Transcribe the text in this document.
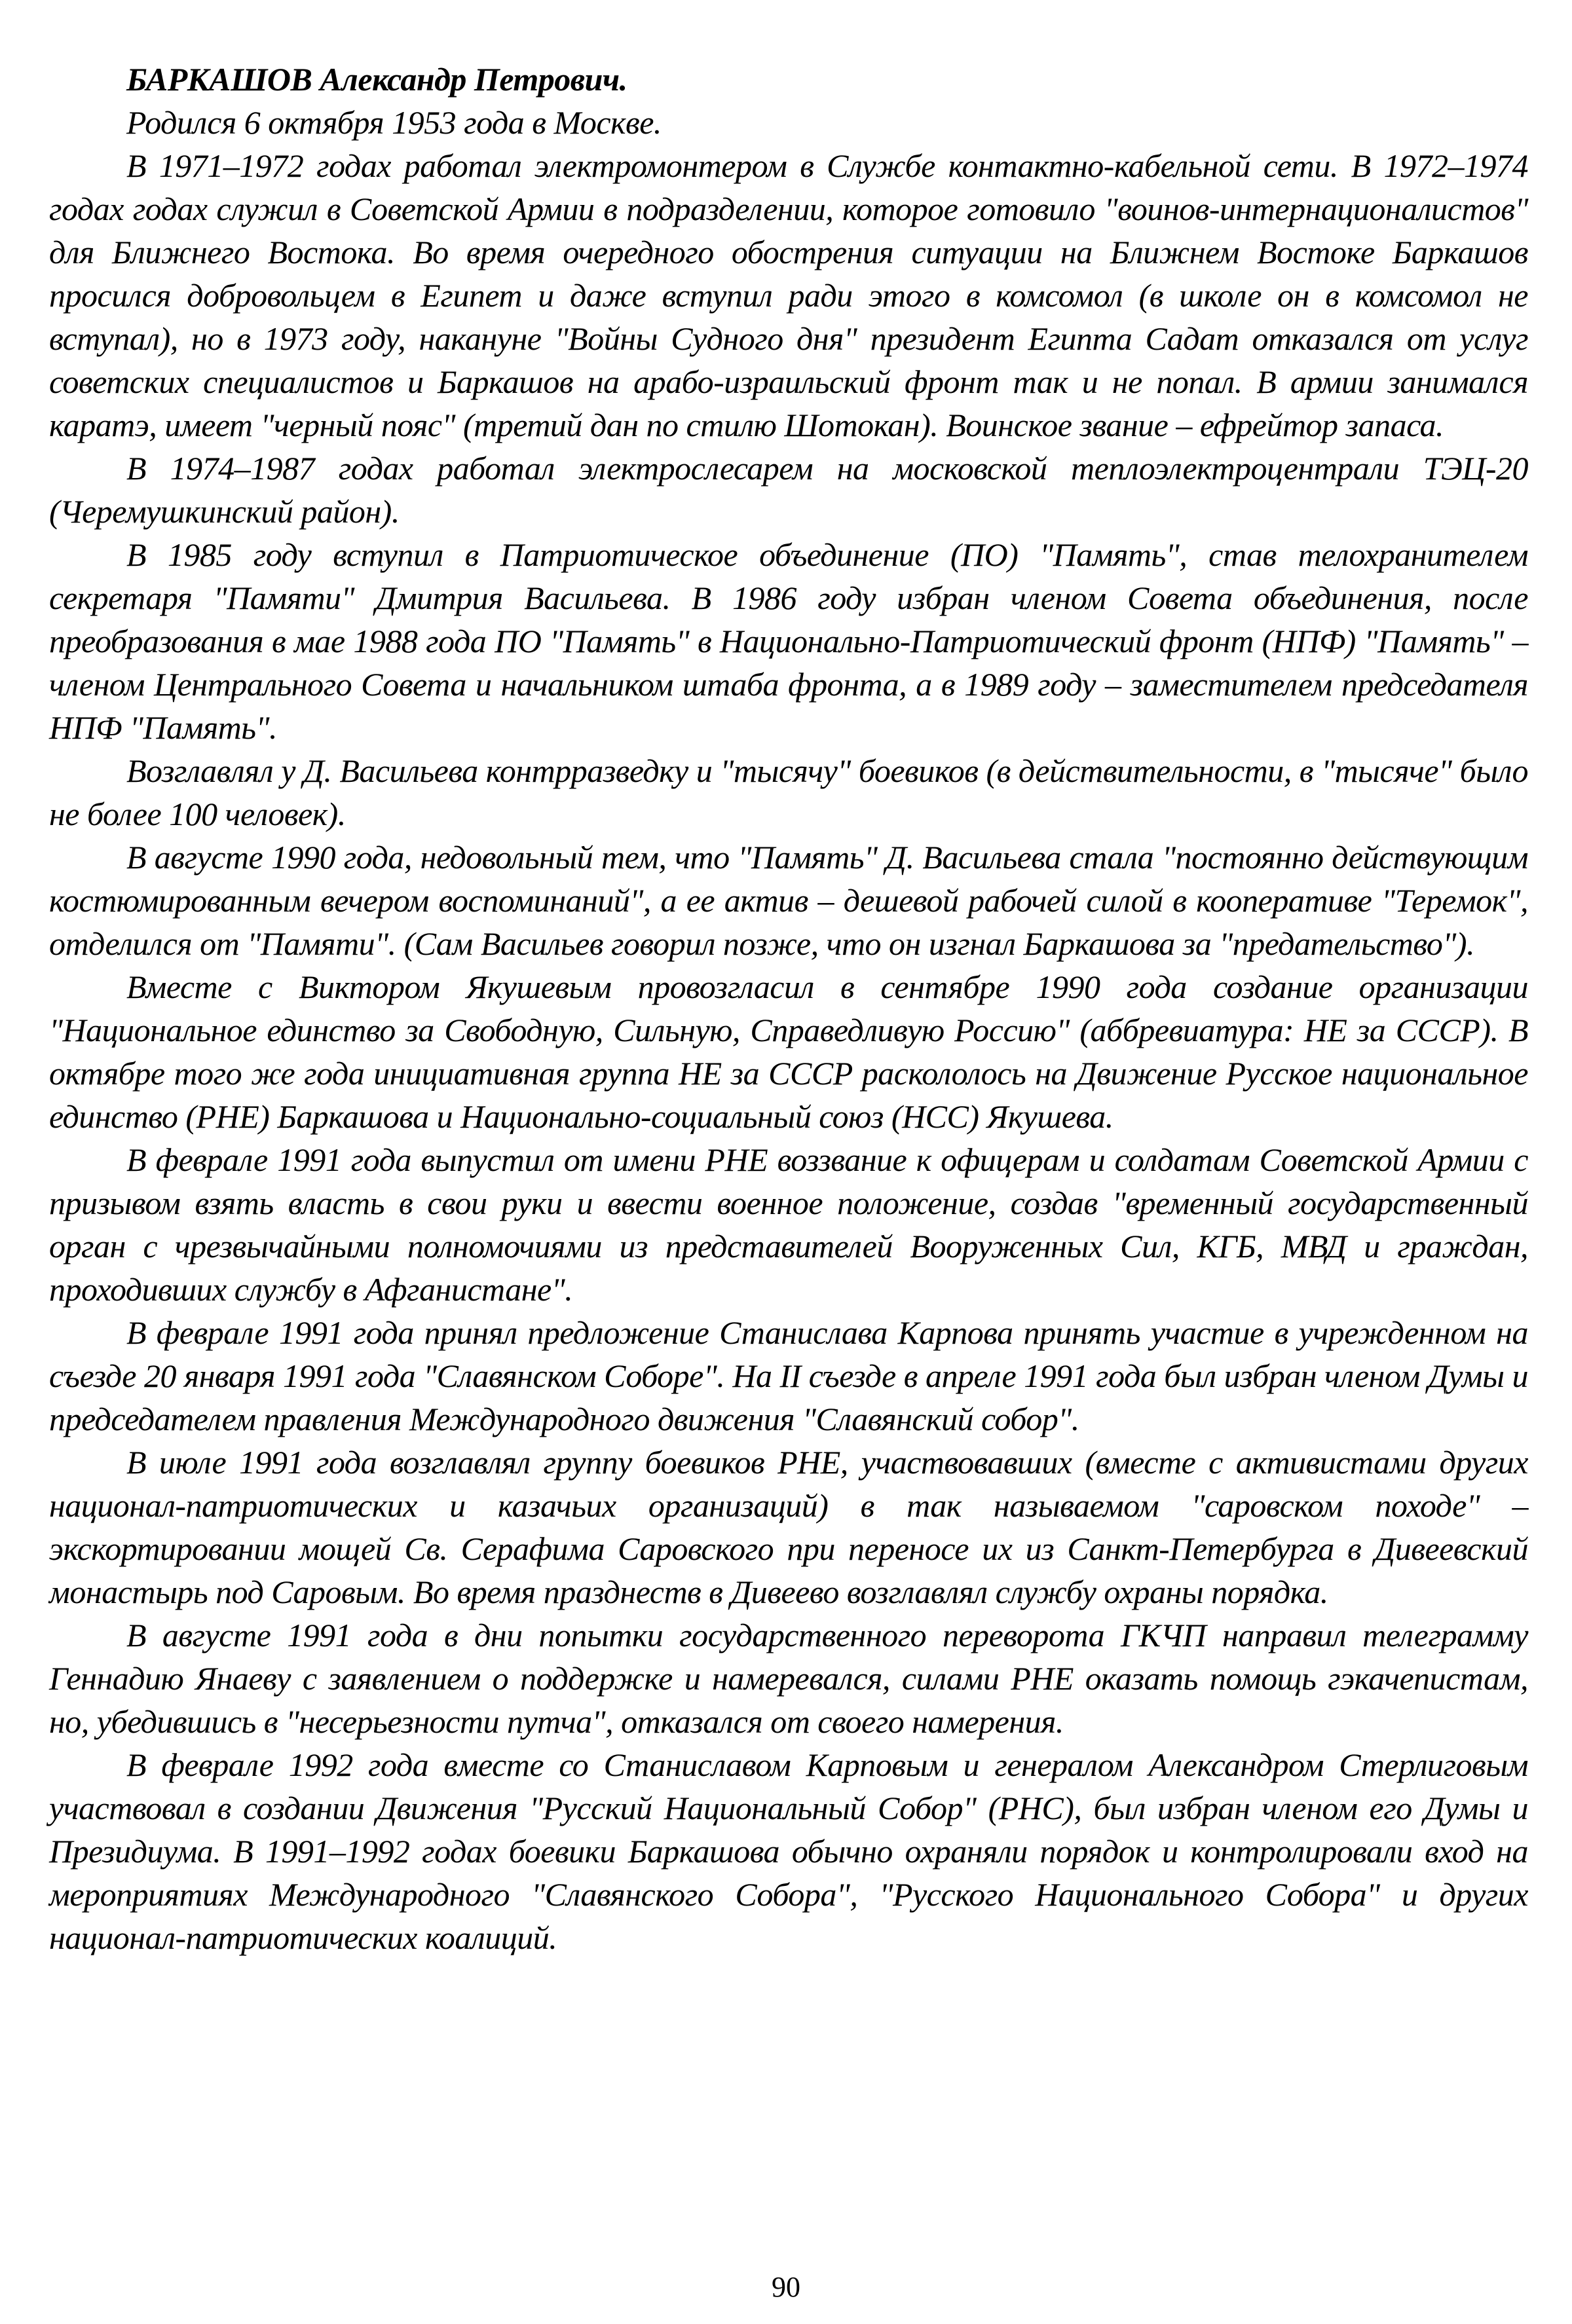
БАРКАШОВ Александр Петрович.

Родился 6 октября 1953 года в Москве.

В 1971–1972 годах работал электромонтером в Службе контактно-кабельной сети. В 1972–1974 годах годах служил в Советской Армии в подразделении, которое готовило "воинов-интернационалистов" для Ближнего Востока. Во время очередного обострения ситуации на Ближнем Востоке Баркашов просился добровольцем в Египет и даже вступил ради этого в комсомол (в школе он в комсомол не вступал), но в 1973 году, накануне "Войны Судного дня" президент Египта Садат отказался от услуг советских специалистов и Баркашов на арабо-израильский фронт так и не попал. В армии занимался каратэ, имеет "черный пояс" (третий дан по стилю Шотокан). Воинское звание – ефрейтор запаса.

В 1974–1987 годах работал электрослесарем на московской теплоэлектроцентрали ТЭЦ-20 (Черемушкинский район).

В 1985 году вступил в Патриотическое объединение (ПО) "Память", став телохранителем секретаря "Памяти" Дмитрия Васильева. В 1986 году избран членом Совета объединения, после преобразования в мае 1988 года ПО "Память" в Национально-Патриотический фронт (НПФ) "Память" – членом Центрального Совета и начальником штаба фронта, а в 1989 году – заместителем председателя НПФ "Память".

Возглавлял у Д. Васильева контрразведку и "тысячу" боевиков (в действительности, в "тысяче" было не более 100 человек).

В августе 1990 года, недовольный тем, что "Память" Д. Васильева стала "постоянно действующим костюмированным вечером воспоминаний", а ее актив – дешевой рабочей силой в кооперативе "Теремок", отделился от "Памяти". (Сам Васильев говорил позже, что он изгнал Баркашова за "предательство").

Вместе с Виктором Якушевым провозгласил в сентябре 1990 года создание организации "Национальное единство за Свободную, Сильную, Справедливую Россию" (аббревиатура: НЕ за СССР). В октябре того же года инициативная группа НЕ за СССР раскололось на Движение Русское национальное единство (РНЕ) Баркашова и Национально-социальный союз (НСС) Якушева.

В феврале 1991 года выпустил от имени РНЕ воззвание к офицерам и солдатам Советской Армии с призывом взять власть в свои руки и ввести военное положение, создав "временный государственный орган с чрезвычайными полномочиями из представителей Вооруженных Сил, КГБ, МВД и граждан, проходивших службу в Афганистане".

В феврале 1991 года принял предложение Станислава Карпова принять участие в учрежденном на съезде 20 января 1991 года "Славянском Соборе". На II съезде в апреле 1991 года был избран членом Думы и председателем правления Международного движения "Славянский собор".

В июле 1991 года возглавлял группу боевиков РНЕ, участвовавших (вместе с активистами других национал-патриотических и казачьих организаций) в так называемом "саровском походе" – экскортировании мощей Св. Серафима Саровского при переносе их из Санкт-Петербурга в Дивеевский монастырь под Саровым. Во время празднеств в Дивеево возглавлял службу охраны порядка.

В августе 1991 года в дни попытки государственного переворота ГКЧП направил телеграмму Геннадию Янаеву с заявлением о поддержке и намеревался, силами РНЕ оказать помощь гэкачепистам, но, убедившись в "несерьезности путча", отказался от своего намерения.

В феврале 1992 года вместе со Станиславом Карповым и генералом Александром Стерлиговым участвовал в создании Движения "Русский Национальный Собор" (РНС), был избран членом его Думы и Президиума. В 1991–1992 годах боевики Баркашова обычно охраняли порядок и контролировали вход на мероприятиях Международного "Славянского Собора", "Русского Национального Собора" и других национал-патриотических коалиций.

90
